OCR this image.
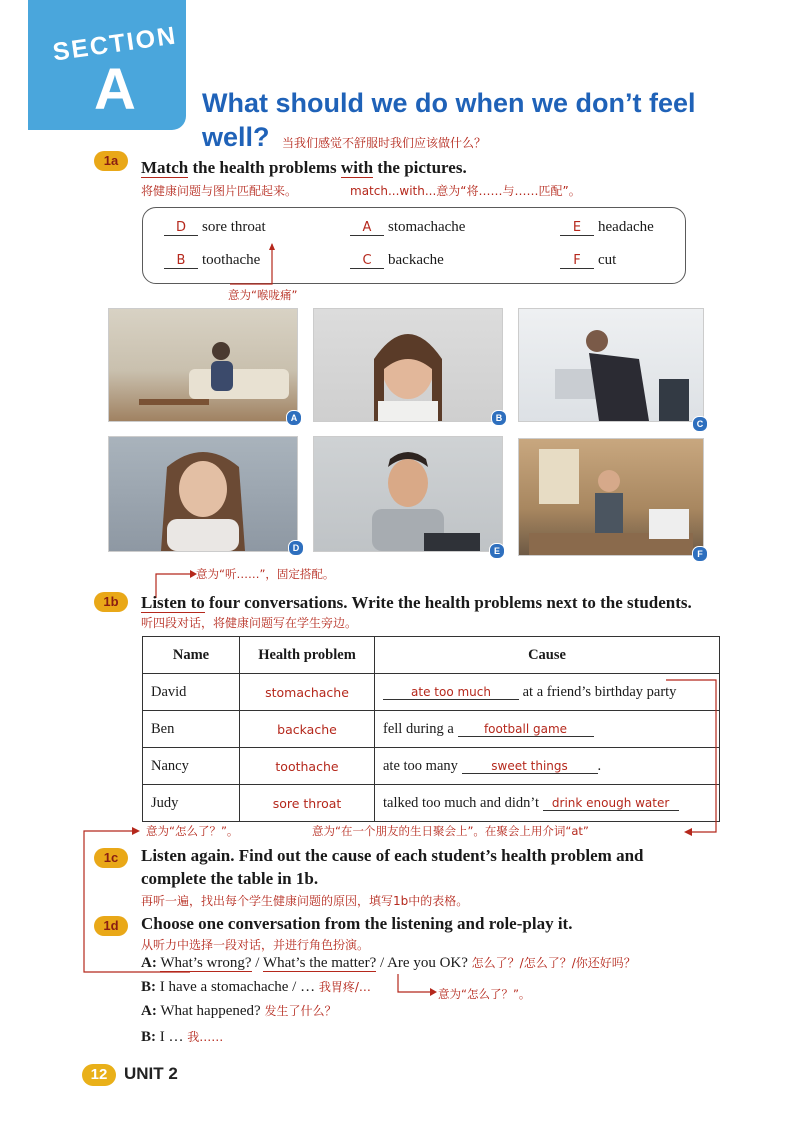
SECTION
A	What should we do when we don’t feel
well?	当我们感觉不舒服时我们应该做什么？
1a	Match the health problems with the pictures.
将健康问题与图片匹配起来。	match...with...意为“将……与……匹配”。
D sore throat	A stomachache	E headache
B toothache	C backache	F cut
意为“喉咙痛”
A	B
C
D	E	F
意为“听……”，固定搭配。
1b	Listen to four conversations. Write the health problems next to the students.
听四段对话，将健康问题写在学生旁边。
Name	Health problem	Cause
David	stomachache	ate too much at a friend’s birthday party
Ben	backache	fell during a football game
Nancy	toothache	ate too many sweet things .
Judy	sore throat	talked too much and didn’t drink enough water
意为“怎么了？”。	意为“在一个朋友的生日聚会上”。在聚会上用介词“at”
1c	Listen again. Find out the cause of each student’s health problem and
complete the table in 1b.
再听一遍，找出每个学生健康问题的原因，填写1b中的表格。
1d	Choose one conversation from the listening and role-play it.
从听力中选择一段对话，并进行角色扮演。
A: What’s wrong? / What’s the matter? / Are you OK? 怎么了？/怎么了？/你还好吗？
B: I have a stomachache / … 我胃疼/…	意为“怎么了？”。
A: What happened? 发生了什么？
B: I … 我……
12 UNIT 2
